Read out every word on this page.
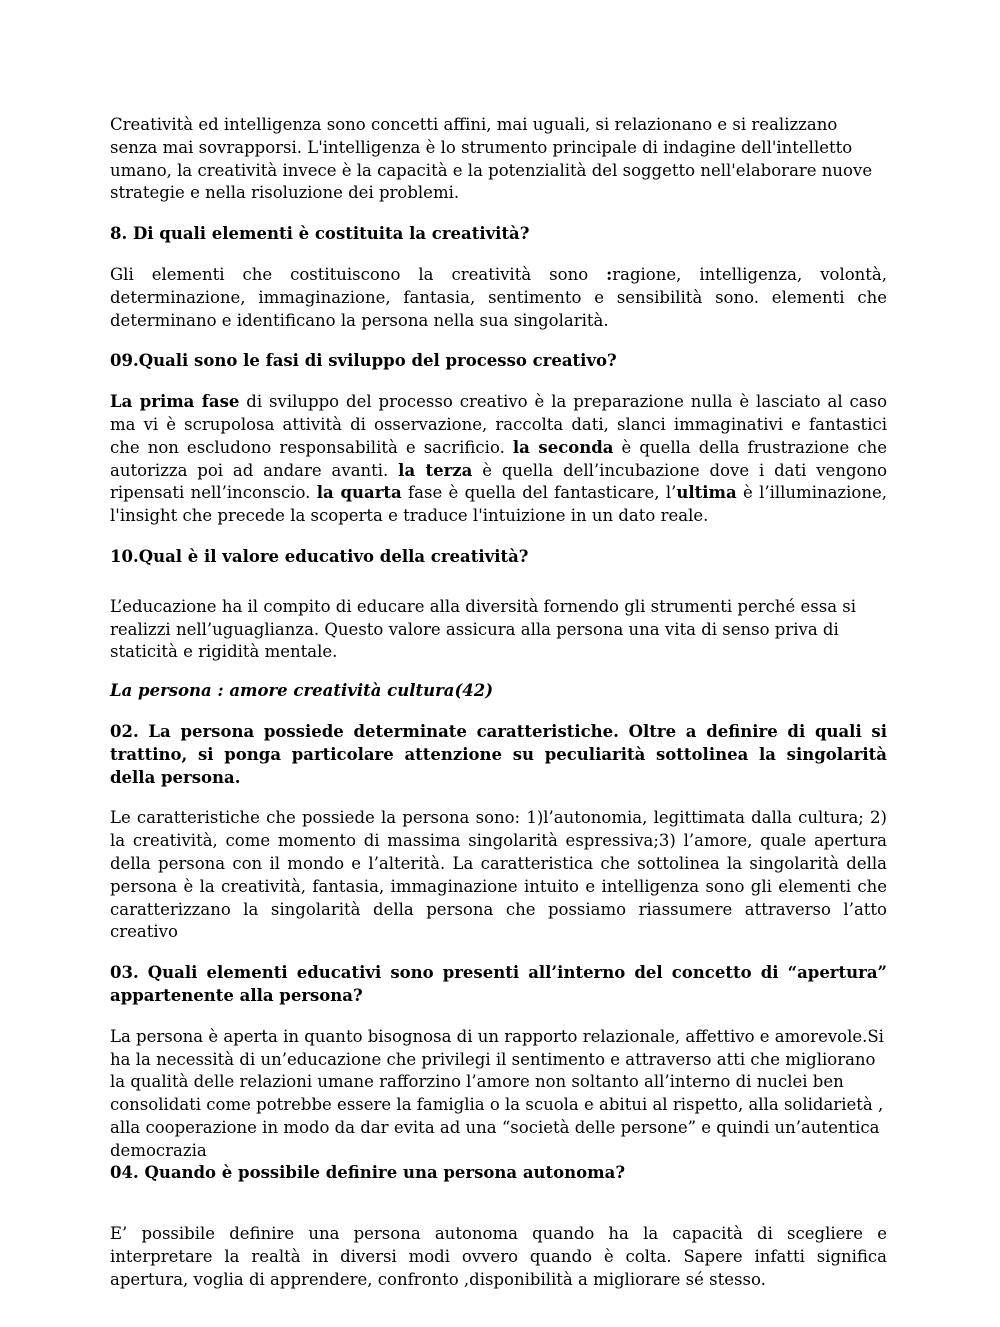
Creatività ed intelligenza sono concetti affini, mai uguali, si relazionano e si realizzano senza mai sovrapporsi. L'intelligenza è lo strumento principale di indagine dell'intelletto umano, la creatività invece è la capacità e la potenzialità del soggetto nell'elaborare nuove strategie e nella risoluzione dei problemi.

8. Di quali elementi è costituita la creatività?

Gli elementi che costituiscono la creatività sono :ragione, intelligenza, volontà, determinazione, immaginazione, fantasia, sentimento e sensibilità sono. elementi che determinano e identificano la persona nella sua singolarità.

09.Quali sono le fasi di sviluppo del processo creativo?

La prima fase di sviluppo del processo creativo è la preparazione nulla è lasciato al caso ma vi è scrupolosa attività di osservazione, raccolta dati, slanci immaginativi e fantastici che non escludono responsabilità e sacrificio. la seconda è quella della frustrazione che autorizza poi ad andare avanti. la terza è quella dell’incubazione dove i dati vengono ripensati nell’inconscio. la quarta fase è quella del fantasticare, l’ultima è l’illuminazione, l'insight che precede la scoperta e traduce l'intuizione in un dato reale.

10.Qual è il valore educativo della creatività?

L’educazione ha il compito di educare alla diversità fornendo gli strumenti perché essa si realizzi nell’uguaglianza. Questo valore assicura alla persona una vita di senso priva di staticità e rigidità mentale.

La persona : amore creatività cultura(42)

02. La persona possiede determinate caratteristiche. Oltre a definire di quali si trattino, si ponga particolare attenzione su peculiarità sottolinea la singolarità della persona.

Le caratteristiche che possiede la persona sono: 1)l’autonomia, legittimata dalla cultura; 2) la creatività, come momento di massima singolarità espressiva;3) l’amore, quale apertura della persona con il mondo e l’alterità. La caratteristica che sottolinea la singolarità della persona è la creatività, fantasia, immaginazione intuito e intelligenza sono gli elementi che caratterizzano la singolarità della persona che possiamo riassumere attraverso l’atto creativo

03. Quali elementi educativi sono presenti all’interno del concetto di “apertura” appartenente alla persona?

La persona è aperta in quanto bisognosa di un rapporto relazionale, affettivo e amorevole.Si ha la necessità di un’educazione che privilegi il sentimento e attraverso atti che migliorano la qualità delle relazioni umane rafforzino l’amore non soltanto all’interno di nuclei ben consolidati come potrebbe essere la famiglia o la scuola e abitui al rispetto, alla solidarietà , alla cooperazione in modo da dar evita ad una “società delle persone” e quindi un’autentica democrazia

04. Quando è possibile definire una persona autonoma?

E’ possibile definire una persona autonoma quando ha la capacità di scegliere e interpretare la realtà in diversi modi ovvero quando è colta. Sapere infatti significa apertura, voglia di apprendere, confronto ,disponibilità a migliorare sé stesso.
